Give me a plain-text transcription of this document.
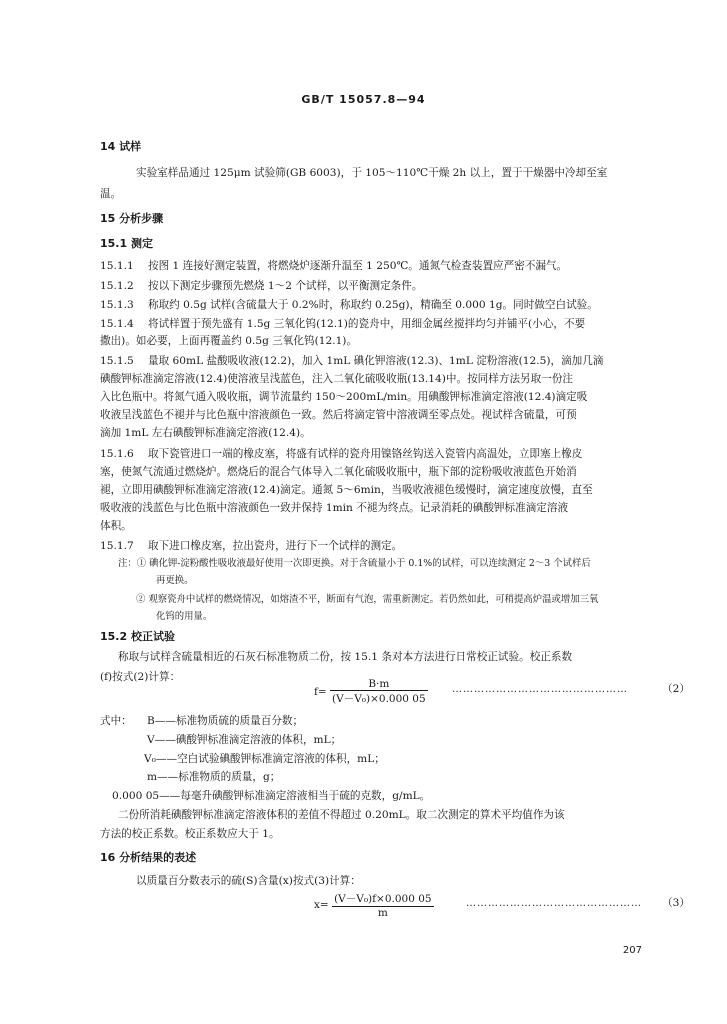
GB/T 15057.8—94
14 试样
实验室样品通过 125μm 试验筛(GB 6003)，于 105～110℃干燥 2h 以上，置于干燥器中冷却至室
温。
15 分析步骤
15.1 测定
15.1.1 按图 1 连接好测定装置，将燃烧炉逐渐升温至 1 250℃。通氮气检查装置应严密不漏气。
15.1.2 按以下测定步骤预先燃烧 1～2 个试样，以平衡测定条件。
15.1.3 称取约 0.5g 试样(含硫量大于 0.2%时，称取约 0.25g)，精确至 0.000 1g。同时做空白试验。
15.1.4 将试样置于预先盛有 1.5g 三氧化钨(12.1)的瓷舟中，用细金属丝搅拌均匀并铺平(小心，不要
撒出)。如必要，上面再覆盖约 0.5g 三氧化钨(12.1)。
15.1.5 量取 60mL 盐酸吸收液(12.2)，加入 1mL 碘化钾溶液(12.3)、1mL 淀粉溶液(12.5)，滴加几滴
碘酸钾标准滴定溶液(12.4)使溶液呈浅蓝色，注入二氧化硫吸收瓶(13.14)中。按同样方法另取一份注
入比色瓶中。将氮气通入吸收瓶，调节流量约 150～200mL/min。用碘酸钾标准滴定溶液(12.4)滴定吸
收液呈浅蓝色不褪并与比色瓶中溶液颜色一致。然后将滴定管中溶液调至零点处。视试样含硫量，可预
滴加 1mL 左右碘酸钾标准滴定溶液(12.4)。
15.1.6 取下瓷管进口一端的橡皮塞，将盛有试样的瓷舟用镍铬丝钩送入瓷管内高温处，立即塞上橡皮
塞，使氮气流通过燃烧炉。燃烧后的混合气体导入二氧化硫吸收瓶中，瓶下部的淀粉吸收液蓝色开始消
褪，立即用碘酸钾标准滴定溶液(12.4)滴定。通氮 5～6min，当吸收液褪色缓慢时，滴定速度放慢，直至
吸收液的浅蓝色与比色瓶中溶液颜色一致并保持 1min 不褪为终点。记录消耗的碘酸钾标准滴定溶液
体积。
15.1.7 取下进口橡皮塞，拉出瓷舟，进行下一个试样的测定。
注：① 碘化钾-淀粉酸性吸收液最好使用一次即更换。对于含硫量小于 0.1%的试样，可以连续测定 2～3 个试样后
再更换。
② 观察瓷舟中试样的燃烧情况，如熔渣不平，断面有气泡，需重新测定。若仍然如此，可稍提高炉温或增加三氧
化钨的用量。
15.2 校正试验
称取与试样含硫量相近的石灰石标准物质二份，按 15.1 条对本方法进行日常校正试验。校正系数
(f)按式(2)计算：
$f= \frac{B\cdot m}{\text{(V－V₀)×0.000 05}}$ …………………………………………	（2）
式中： B——标准物质硫的质量百分数；
V——碘酸钾标准滴定溶液的体积，mL；
V₀——空白试验碘酸钾标准滴定溶液的体积，mL；
m——标准物质的质量，g；
0.000 05——每毫升碘酸钾标准滴定溶液相当于硫的克数，g/mL。
二份所消耗碘酸钾标准滴定溶液体积的差值不得超过 0.20mL。取二次测定的算术平均值作为该
方法的校正系数。校正系数应大于 1。
16 分析结果的表述
以质量百分数表示的硫(S)含量(x)按式(3)计算：
$x= \frac{\text{(V－V₀)f×0.000 05}}{m}$	………………………………………… （3）
207
